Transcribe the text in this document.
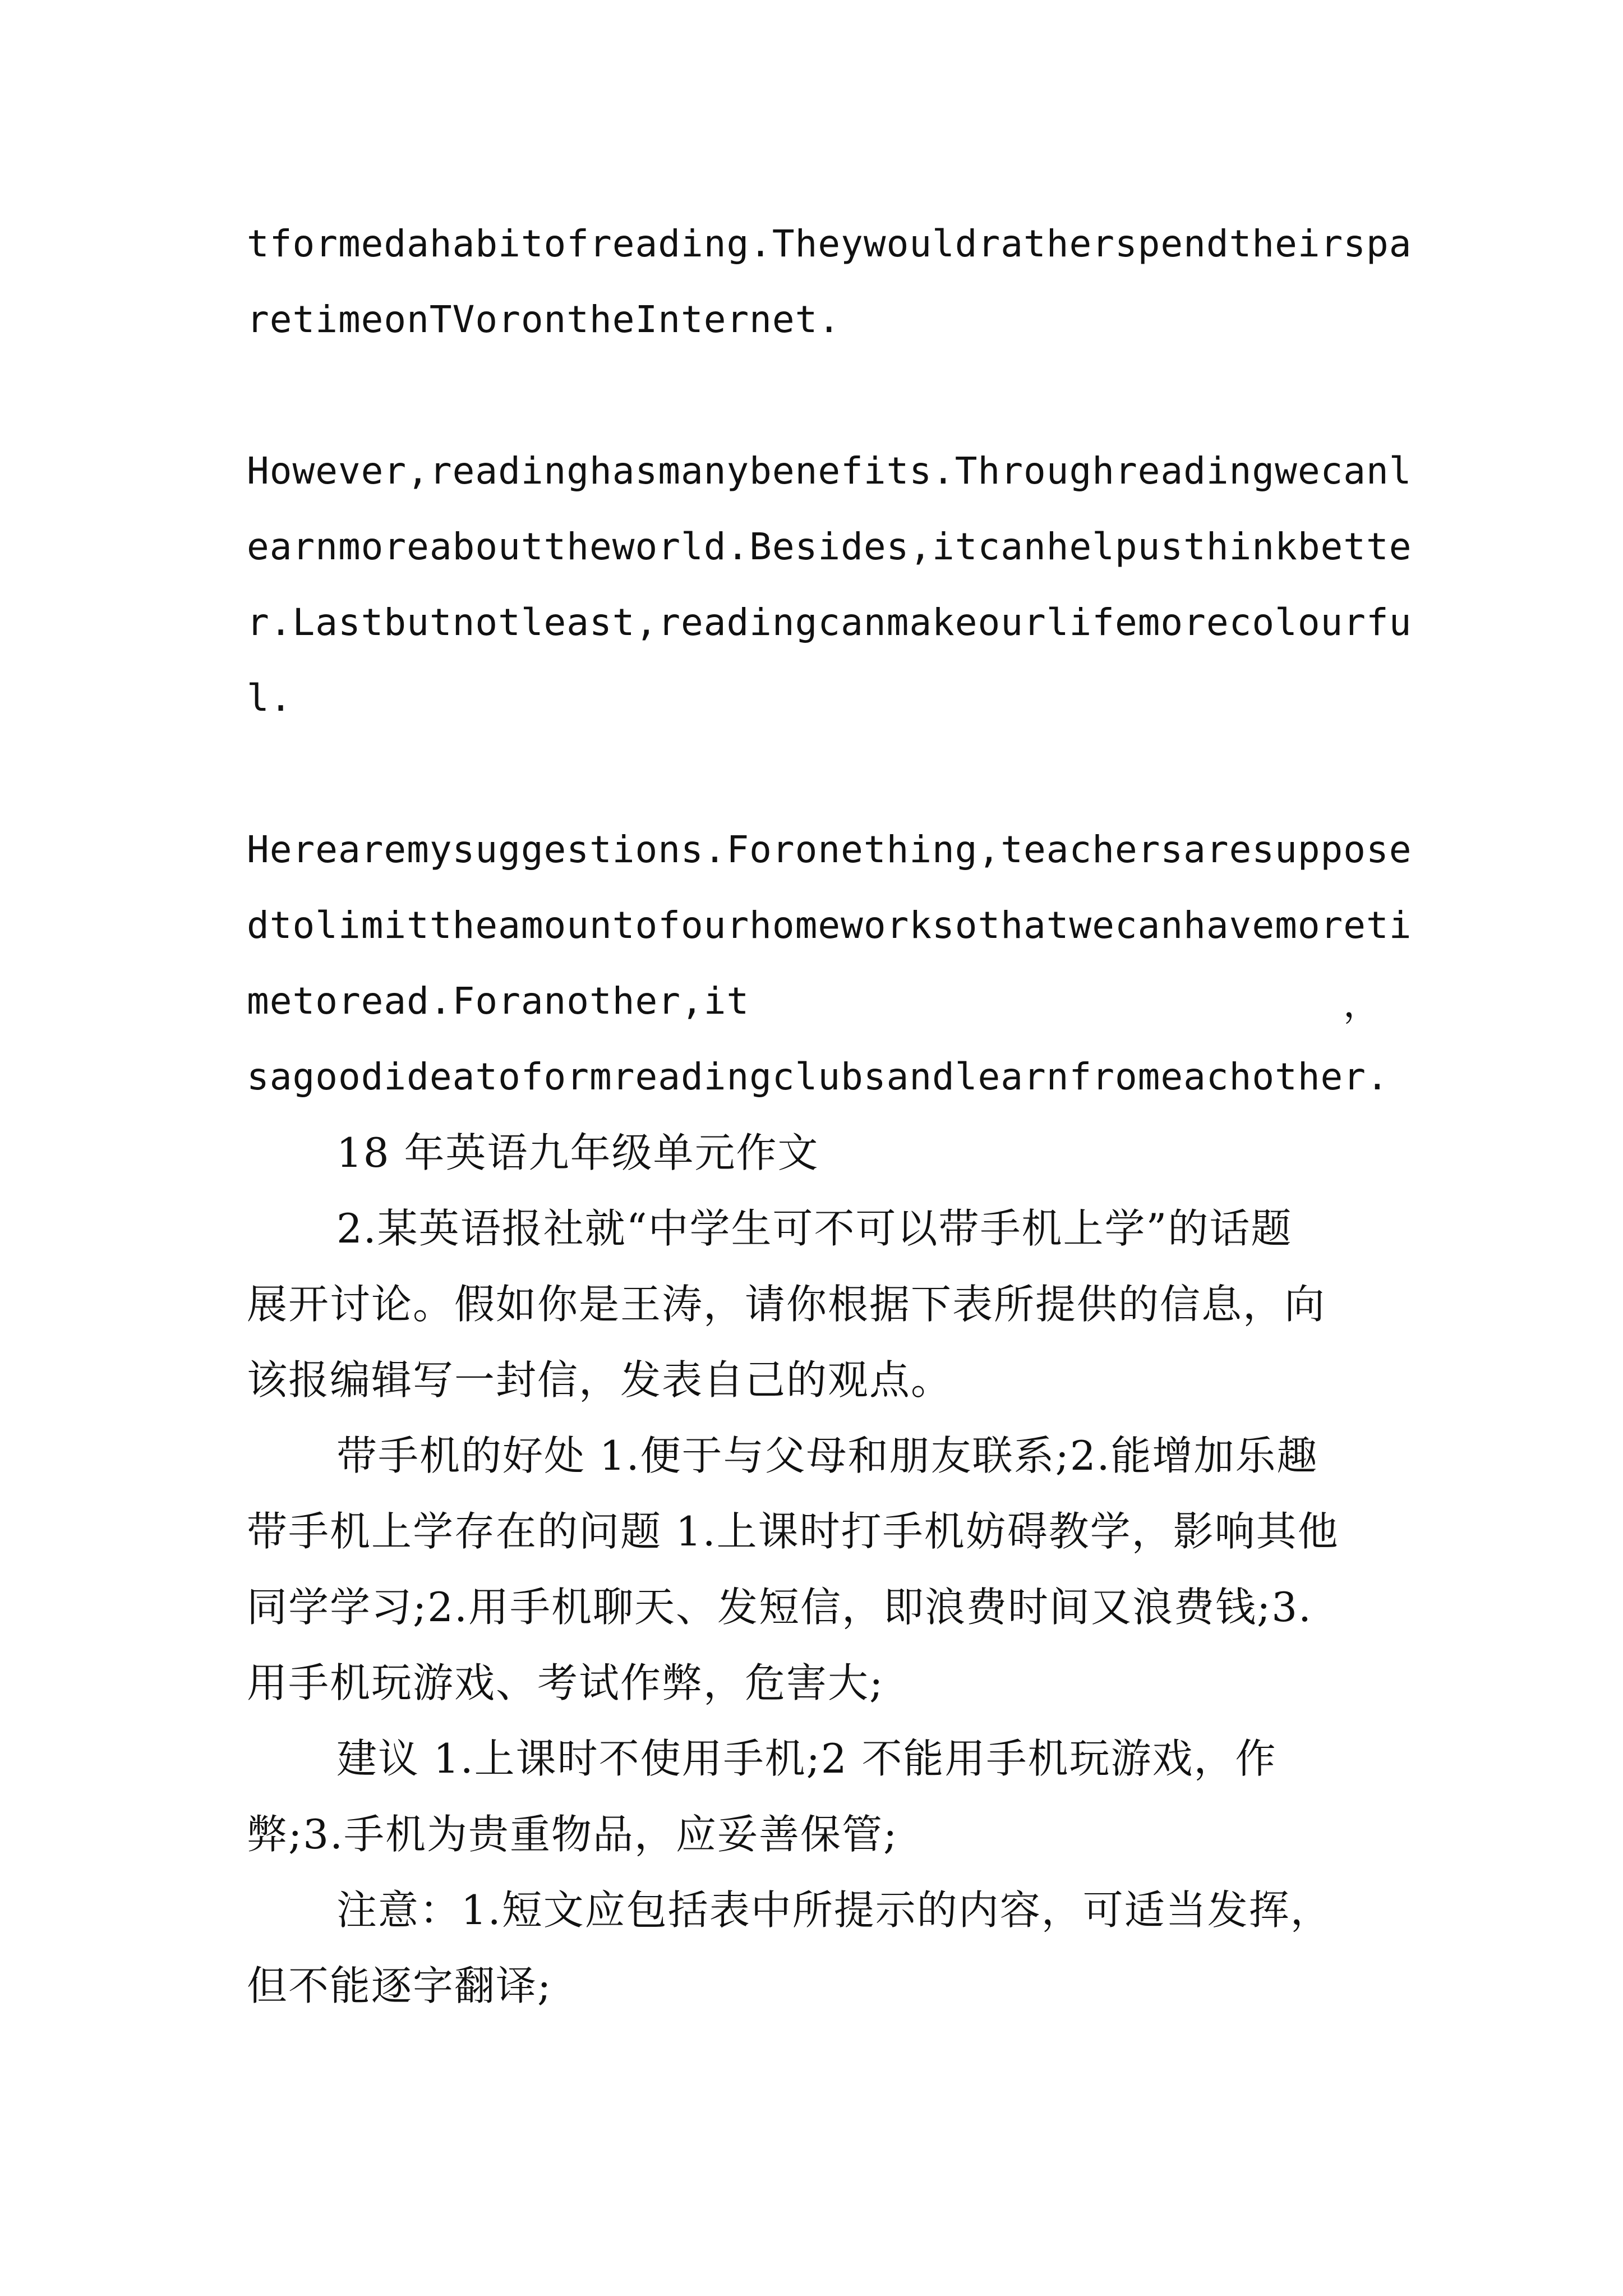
tformedahabitofreading.Theywouldratherspendtheirspa
retimeonTVorontheInternet.
However,readinghasmanybenefits.Throughreadingwecanl
earnmoreabouttheworld.Besides,itcanhelpusthinkbette
r.Lastbutnotleast,readingcanmakeourlifemorecolourfu
l.
Herearemysuggestions.Foronething,teachersaresuppose
dtolimittheamountofourhomeworksothatwecanhavemoreti
metoread.Foranother,it	，
sagoodideatoformreadingclubsandlearnfromeachother.
18 年英语九年级单元作文
2.某英语报社就“中学生可不可以带手机上学”的话题
展开讨论。假如你是王涛，请你根据下表所提供的信息，向
该报编辑写一封信，发表自己的观点。
带手机的好处 1.便于与父母和朋友联系;2.能增加乐趣
带手机上学存在的问题 1.上课时打手机妨碍教学，影响其他
同学学习;2.用手机聊天、发短信，即浪费时间又浪费钱;3.
用手机玩游戏、考试作弊，危害大;
建议 1.上课时不使用手机;2 不能用手机玩游戏，作
弊;3.手机为贵重物品，应妥善保管;
注意：1.短文应包括表中所提示的内容，可适当发挥，
但不能逐字翻译;
